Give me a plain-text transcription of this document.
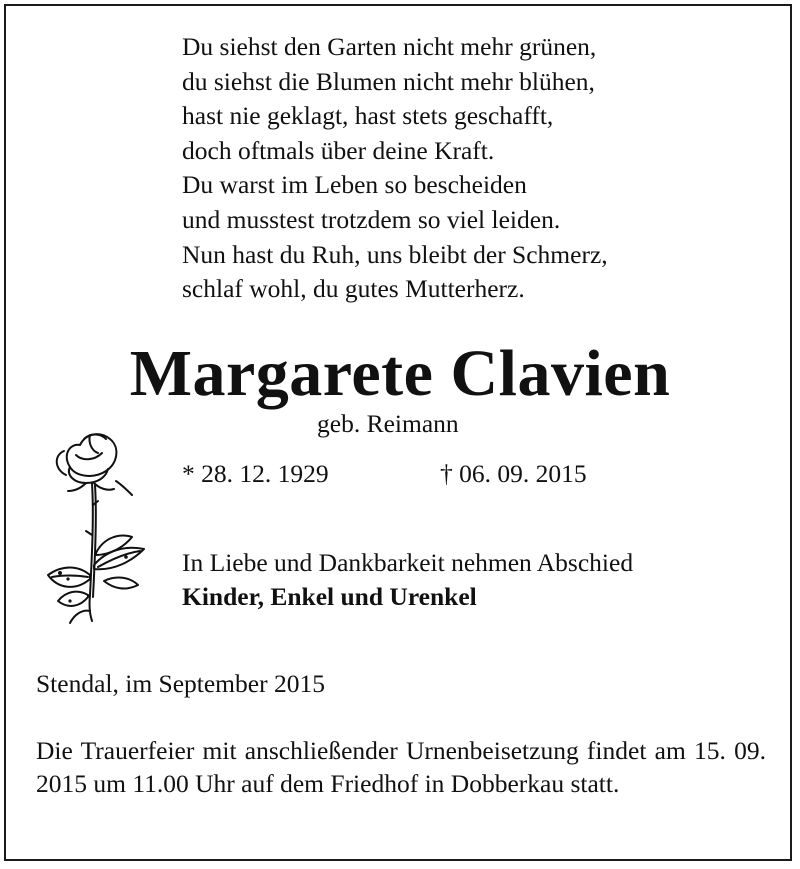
Du siehst den Garten nicht mehr grünen,
du siehst die Blumen nicht mehr blühen,
hast nie geklagt, hast stets geschafft,
doch oftmals über deine Kraft.
Du warst im Leben so bescheiden
und musstest trotzdem so viel leiden.
Nun hast du Ruh, uns bleibt der Schmerz,
schlaf wohl, du gutes Mutterherz.
Margarete Clavien
geb. Reimann
* 28. 12. 1929	† 06. 09. 2015
In Liebe und Dankbarkeit nehmen Abschied
Kinder, Enkel und Urenkel
Stendal, im September 2015
Die Trauerfeier mit anschließender Urnenbeisetzung findet am 15. 09. 2015 um 11.00 Uhr auf dem Friedhof in Dobberkau statt.
